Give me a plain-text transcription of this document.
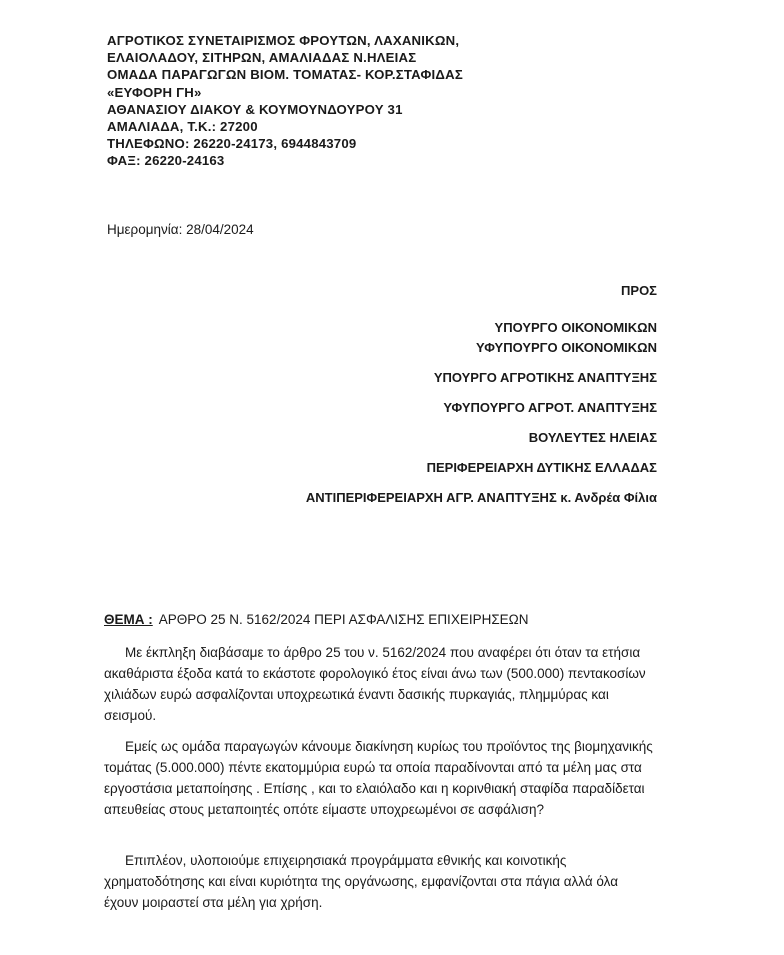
ΑΓΡΟΤΙΚΟΣ ΣΥΝΕΤΑΙΡΙΣΜΟΣ ΦΡΟΥΤΩΝ, ΛΑΧΑΝΙΚΩΝ,
ΕΛΑΙΟΛΑΔΟΥ, ΣΙΤΗΡΩΝ, ΑΜΑΛΙΑΔΑΣ Ν.ΗΛΕΙΑΣ
ΟΜΑΔΑ ΠΑΡΑΓΩΓΩΝ ΒΙΟΜ. ΤΟΜΑΤΑΣ- ΚΟΡ.ΣΤΑΦΙΔΑΣ
«ΕΥΦΟΡΗ ΓΗ»
ΑΘΑΝΑΣΙΟΥ ΔΙΑΚΟΥ & ΚΟΥΜΟΥΝΔΟΥΡΟΥ 31
ΑΜΑΛΙΑΔΑ, Τ.Κ.: 27200
ΤΗΛΕΦΩΝΟ: 26220-24173, 6944843709
ΦΑΞ: 26220-24163
Ημερομηνία: 28/04/2024
ΠΡΟΣ
ΥΠΟΥΡΓΟ ΟΙΚΟΝΟΜΙΚΩΝ
ΥΦΥΠΟΥΡΓΟ ΟΙΚΟΝΟΜΙΚΩΝ
ΥΠΟΥΡΓΟ ΑΓΡΟΤΙΚΗΣ ΑΝΑΠΤΥΞΗΣ
ΥΦΥΠΟΥΡΓΟ ΑΓΡΟΤ. ΑΝΑΠΤΥΞΗΣ
ΒΟΥΛΕΥΤΕΣ ΗΛΕΙΑΣ
ΠΕΡΙΦΕΡΕΙΑΡΧΗ ΔΥΤΙΚΗΣ ΕΛΛΑΔΑΣ
ΑΝΤΙΠΕΡΙΦΕΡΕΙΑΡΧΗ ΑΓΡ. ΑΝΑΠΤΥΞΗΣ κ. Ανδρέα Φίλια
ΘΕΜΑ : ΑΡΘΡΟ 25 Ν. 5162/2024 ΠΕΡΙ ΑΣΦΑΛΙΣΗΣ ΕΠΙΧΕΙΡΗΣΕΩΝ

Με έκπληξη διαβάσαμε το άρθρο 25 του ν. 5162/2024 που αναφέρει ότι όταν τα ετήσια ακαθάριστα έξοδα κατά το εκάστοτε φορολογικό έτος είναι άνω των (500.000) πεντακοσίων χιλιάδων ευρώ ασφαλίζονται υποχρεωτικά έναντι δασικής πυρκαγιάς, πλημμύρας και σεισμού.

Εμείς ως ομάδα παραγωγών κάνουμε διακίνηση κυρίως του προϊόντος της βιομηχανικής τομάτας (5.000.000) πέντε εκατομμύρια ευρώ τα οποία παραδίνονται από τα μέλη μας στα εργοστάσια μεταποίησης . Επίσης , και το ελαιόλαδο και η κορινθιακή σταφίδα παραδίδεται απευθείας στους μεταποιητές οπότε είμαστε υποχρεωμένοι σε ασφάλιση?

Επιπλέον, υλοποιούμε επιχειρησιακά προγράμματα εθνικής και κοινοτικής χρηματοδότησης και είναι κυριότητα της οργάνωσης, εμφανίζονται στα πάγια αλλά όλα έχουν μοιραστεί στα μέλη για χρήση.
